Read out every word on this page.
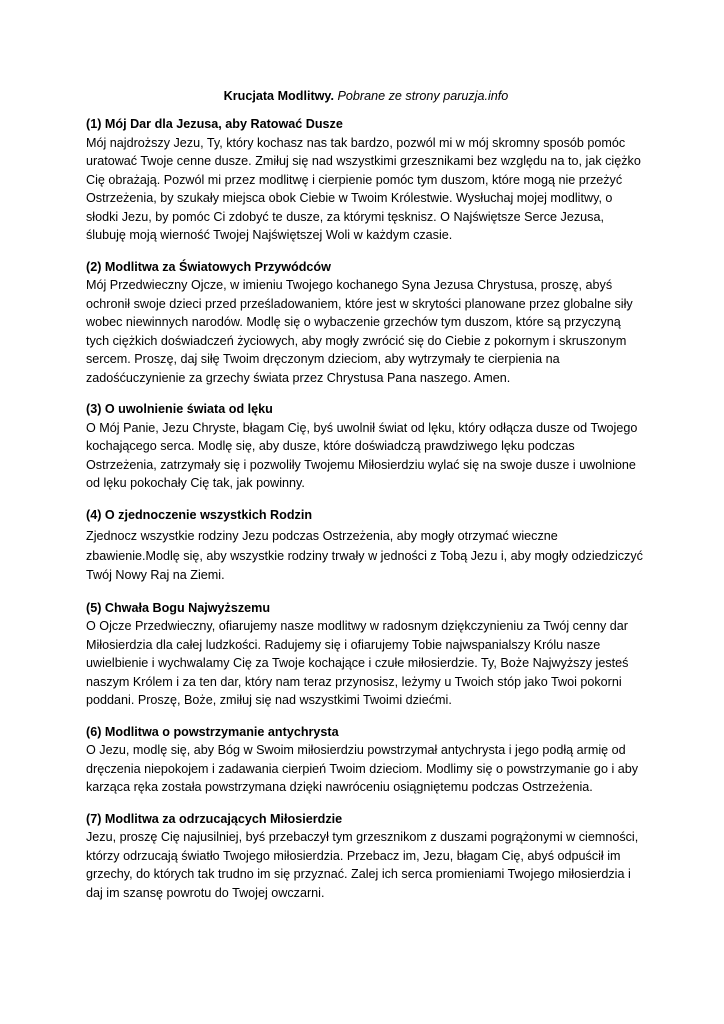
Krucjata Modlitwy. Pobrane ze strony paruzja.info

(1) Mój Dar dla Jezusa, aby Ratować Dusze

Mój najdroższy Jezu, Ty, który kochasz nas tak bardzo, pozwól mi w mój skromny sposób pomóc uratować Twoje cenne dusze. Zmiłuj się nad wszystkimi grzesznikami bez względu na to, jak ciężko Cię obrażają. Pozwól mi przez modlitwę i cierpienie pomóc tym duszom, które mogą nie przeżyć Ostrzeżenia, by szukały miejsca obok Ciebie w Twoim Królestwie. Wysłuchaj mojej modlitwy, o słodki Jezu, by pomóc Ci zdobyć te dusze, za którymi tęsknisz. O Najświętsze Serce Jezusa, ślubuję moją wierność Twojej Najświętszej Woli w każdym czasie.

(2) Modlitwa za Światowych Przywódców

Mój Przedwieczny Ojcze, w imieniu Twojego kochanego Syna Jezusa Chrystusa, proszę, abyś ochronił swoje dzieci przed prześladowaniem, które jest w skrytości planowane przez globalne siły wobec niewinnych narodów. Modlę się o wybaczenie grzechów tym duszom, które są przyczyną tych ciężkich doświadczeń życiowych, aby mogły zwrócić się do Ciebie z pokornym i skruszonym sercem. Proszę, daj siłę Twoim dręczonym dzieciom, aby wytrzymały te cierpienia na zadośćuczynienie za grzechy świata przez Chrystusa Pana naszego. Amen.

(3) O uwolnienie świata od lęku

O Mój Panie, Jezu Chryste, błagam Cię, byś uwolnił świat od lęku, który odłącza dusze od Twojego kochającego serca. Modlę się, aby dusze, które doświadczą prawdziwego lęku podczas Ostrzeżenia, zatrzymały się i pozwoliły Twojemu Miłosierdziu wylać się na swoje dusze i uwolnione od lęku pokochały Cię tak, jak powinny.

(4) O zjednoczenie wszystkich Rodzin

Zjednocz wszystkie rodziny Jezu podczas Ostrzeżenia, aby mogły otrzymać wieczne zbawienie.Modlę się, aby wszystkie rodziny trwały w jedności z Tobą Jezu i, aby mogły odziedziczyć Twój Nowy Raj na Ziemi.

(5) Chwała Bogu Najwyższemu

O Ojcze Przedwieczny, ofiarujemy nasze modlitwy w radosnym dziękczynieniu za Twój cenny dar Miłosierdzia dla całej ludzkości. Radujemy się i ofiarujemy Tobie najwspanialszy Królu nasze uwielbienie i wychwalamy Cię za Twoje kochające i czułe miłosierdzie. Ty, Boże Najwyższy jesteś naszym Królem i za ten dar, który nam teraz przynosisz, leżymy u Twoich stóp jako Twoi pokorni poddani. Proszę, Boże, zmiłuj się nad wszystkimi Twoimi dziećmi.

(6) Modlitwa o powstrzymanie antychrysta

O Jezu, modlę się, aby Bóg w Swoim miłosierdziu powstrzymał antychrysta i jego podłą armię od dręczenia niepokojem i zadawania cierpień Twoim dzieciom. Modlimy się o powstrzymanie go i aby karząca ręka została powstrzymana dzięki nawróceniu osiągniętemu podczas Ostrzeżenia.

(7) Modlitwa za odrzucających Miłosierdzie

Jezu, proszę Cię najusilniej, byś przebaczył tym grzesznikom z duszami pogrążonymi w ciemności, którzy odrzucają światło Twojego miłosierdzia. Przebacz im, Jezu, błagam Cię, abyś odpuścił im grzechy, do których tak trudno im się przyznać. Zalej ich serca promieniami Twojego miłosierdzia i daj im szansę powrotu do Twojej owczarni.
